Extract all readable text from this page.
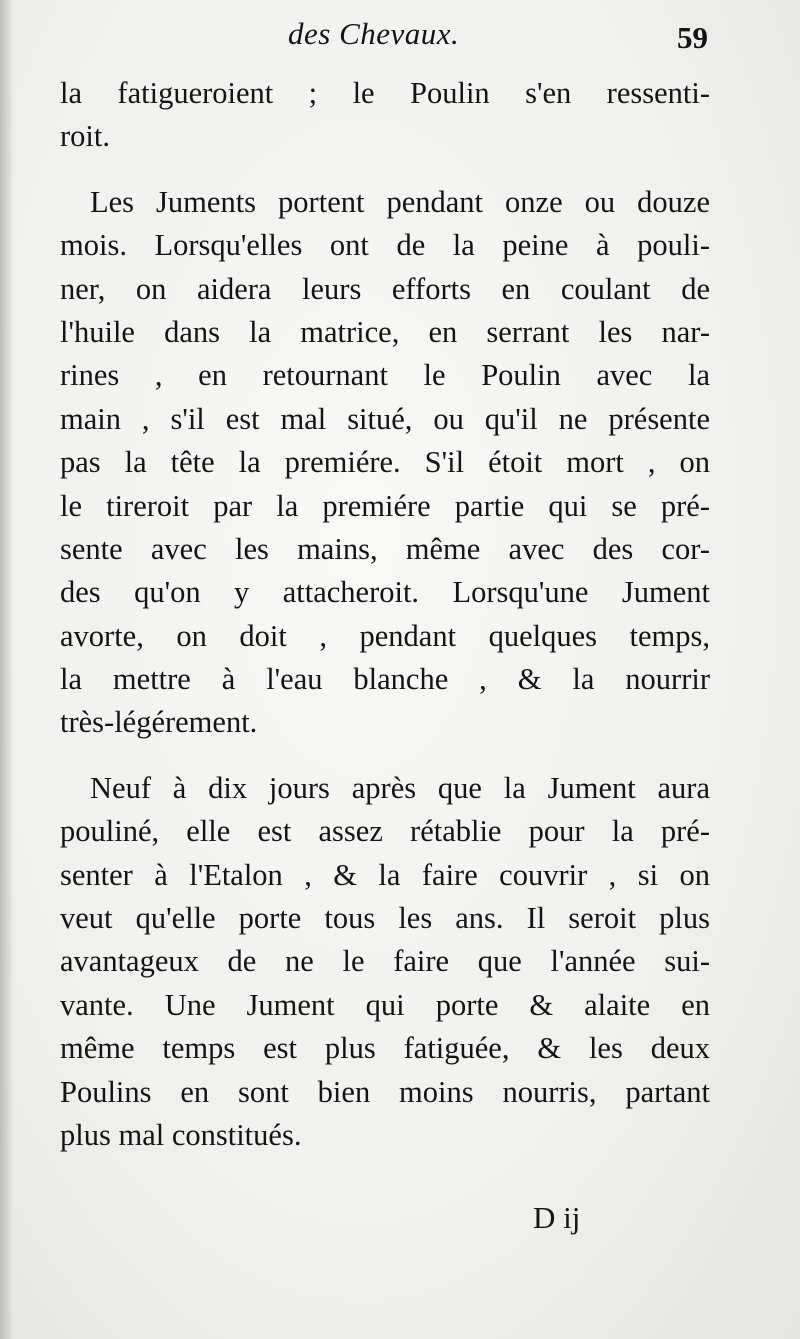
des Chevaux.	59
la fatigueroient ; le Poulin s'en ressenti-
roit.
Les Juments portent pendant onze ou douze
mois. Lorsqu'elles ont de la peine à pouli-
ner, on aidera leurs efforts en coulant de
l'huile dans la matrice, en serrant les nar-
rines , en retournant le Poulin avec la
main , s'il est mal situé, ou qu'il ne présente
pas la tête la premiére. S'il étoit mort , on
le tireroit par la premiére partie qui se pré-
sente avec les mains, même avec des cor-
des qu'on y attacheroit. Lorsqu'une Jument
avorte, on doit , pendant quelques temps,
la mettre à l'eau blanche , & la nourrir
très-légérement.
Neuf à dix jours après que la Jument aura
pouliné, elle est assez rétablie pour la pré-
senter à l'Etalon , & la faire couvrir , si on
veut qu'elle porte tous les ans. Il seroit plus
avantageux de ne le faire que l'année sui-
vante. Une Jument qui porte & alaite en
même temps est plus fatiguée, & les deux
Poulins en sont bien moins nourris, partant
plus mal constitués.
D ij
